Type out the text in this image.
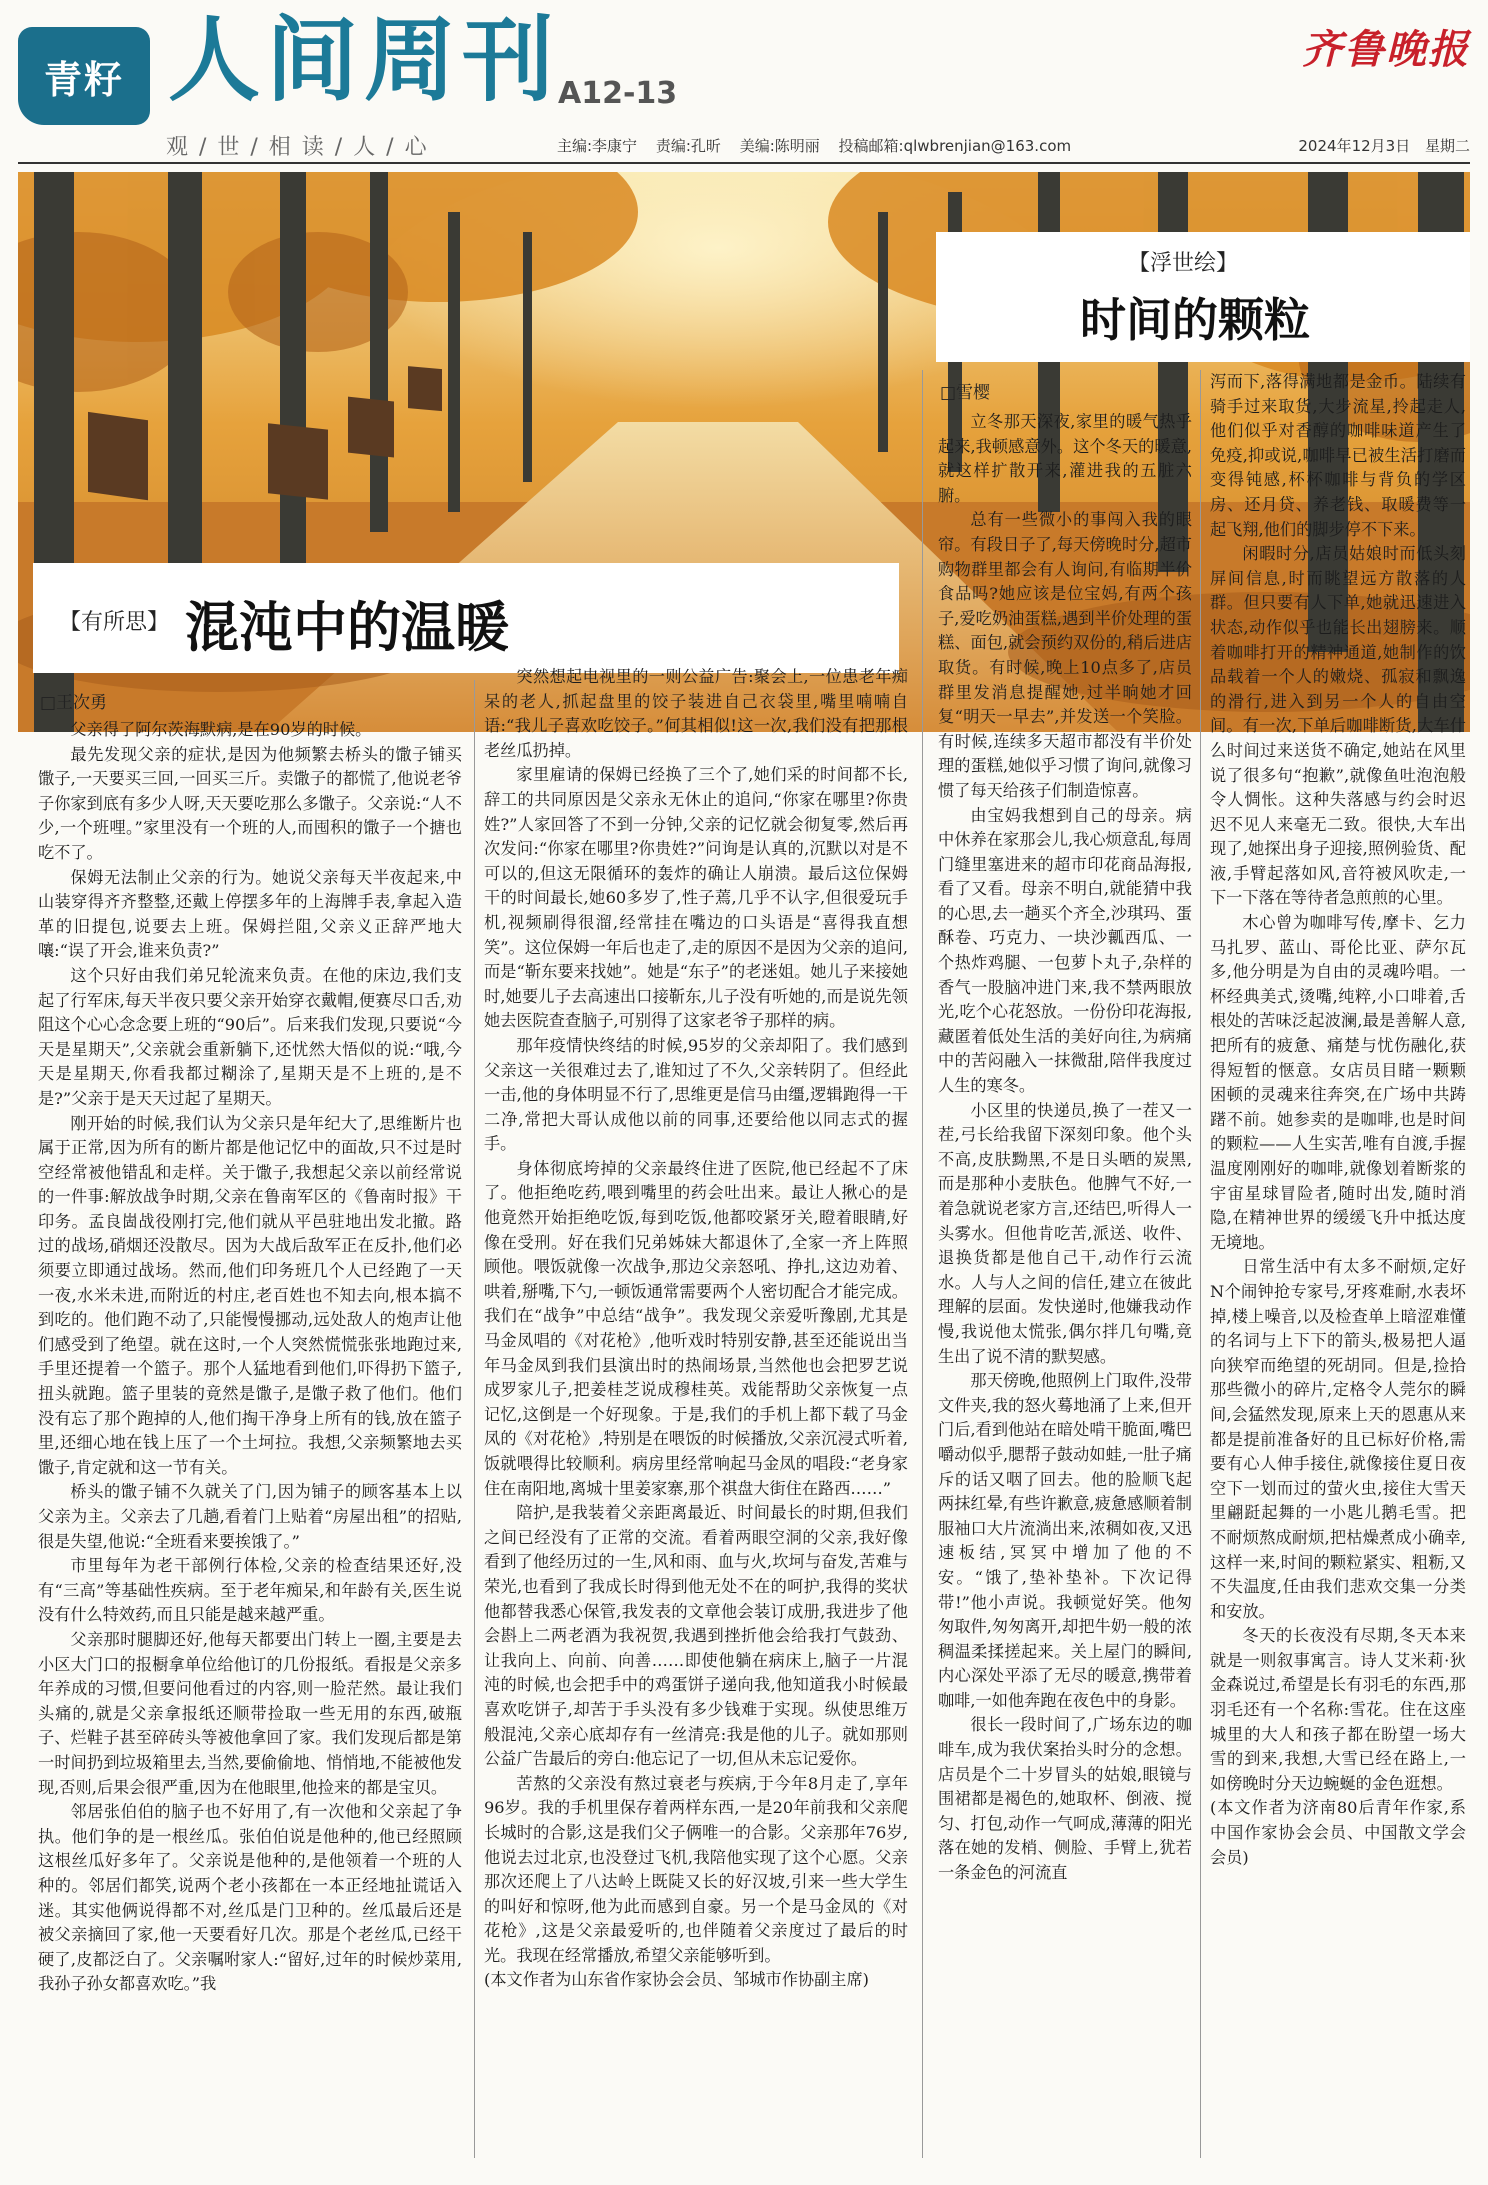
青籽 人间周刊
A12-13
观 / 世 / 相 读 / 人 / 心	主编:李康宁 责编:孔昕 美编:陈明丽 投稿邮箱:qlwbrenjian@163.com	2024年12月3日 星期二
齐鲁晚报
【有所思】 混沌中的温暖
□王次勇

父亲得了阿尔茨海默病,是在90岁的时候。

最先发现父亲的症状,是因为他频繁去桥头的馓子铺买馓子,一天要买三回,一回买三斤。卖馓子的都慌了,他说老爷子你家到底有多少人呀,天天要吃那么多馓子。父亲说:“人不少,一个班哩。”家里没有一个班的人,而囤积的馓子一个搪也吃不了。

保姆无法制止父亲的行为。她说父亲每天半夜起来,中山装穿得齐齐整整,还戴上停摆多年的上海牌手表,拿起入造革的旧提包,说要去上班。保姆拦阻,父亲义正辞严地大嚷:“误了开会,谁来负责?”

这个只好由我们弟兄轮流来负责。在他的床边,我们支起了行军床,每天半夜只要父亲开始穿衣戴帽,便赛尽口舌,劝阻这个心心念念要上班的“90后”。后来我们发现,只要说“今天是星期天”,父亲就会重新躺下,还忧然大悟似的说:“哦,今天是星期天,你看我都过糊涂了,星期天是不上班的,是不是?”父亲于是天天过起了星期天。

刚开始的时候,我们认为父亲只是年纪大了,思维断片也属于正常,因为所有的断片都是他记忆中的面故,只不过是时空经常被他错乱和走样。关于馓子,我想起父亲以前经常说的一件事:解放战争时期,父亲在鲁南军区的《鲁南时报》干印务。孟良崮战役刚打完,他们就从平邑驻地出发北撤。路过的战场,硝烟还没散尽。因为大战后敌军正在反扑,他们必须要立即通过战场。然而,他们印务班几个人已经跑了一天一夜,水米未进,而附近的村庄,老百姓也不知去向,根本搞不到吃的。他们跑不动了,只能慢慢挪动,远处敌人的炮声让他们感受到了绝望。就在这时,一个人突然慌慌张张地跑过来,手里还提着一个篮子。那个人猛地看到他们,吓得扔下篮子,扭头就跑。篮子里装的竟然是馓子,是馓子救了他们。他们没有忘了那个跑掉的人,他们掏干净身上所有的钱,放在篮子里,还细心地在钱上压了一个土坷拉。我想,父亲频繁地去买馓子,肯定就和这一节有关。

桥头的馓子铺不久就关了门,因为铺子的顾客基本上以父亲为主。父亲去了几趟,看着门上贴着“房屋出租”的招贴,很是失望,他说:“全班看来要挨饿了。”

市里每年为老干部例行体检,父亲的检查结果还好,没有“三高”等基础性疾病。至于老年痴呆,和年龄有关,医生说没有什么特效药,而且只能是越来越严重。

父亲那时腿脚还好,他每天都要出门转上一圈,主要是去小区大门口的报橱拿单位给他订的几份报纸。看报是父亲多年养成的习惯,但要问他看过的内容,则一脸茫然。最让我们头痛的,就是父亲拿报纸还顺带捡取一些无用的东西,破瓶子、烂鞋子甚至碎砖头等被他拿回了家。我们发现后都是第一时间扔到垃圾箱里去,当然,要偷偷地、悄悄地,不能被他发现,否则,后果会很严重,因为在他眼里,他捡来的都是宝贝。

邻居张伯伯的脑子也不好用了,有一次他和父亲起了争执。他们争的是一根丝瓜。张伯伯说是他种的,他已经照顾这根丝瓜好多年了。父亲说是他种的,是他领着一个班的人种的。邻居们都笑,说两个老小孩都在一本正经地扯谎话入迷。其实他俩说得都不对,丝瓜是门卫种的。丝瓜最后还是被父亲摘回了家,他一天要看好几次。那是个老丝瓜,已经干硬了,皮都泛白了。父亲嘱咐家人:“留好,过年的时候炒菜用,我孙子孙女都喜欢吃。”我

突然想起电视里的一则公益广告:聚会上,一位患老年痴呆的老人,抓起盘里的饺子装进自己衣袋里,嘴里喃喃自语:“我儿子喜欢吃饺子。”何其相似!这一次,我们没有把那根老丝瓜扔掉。

家里雇请的保姆已经换了三个了,她们采的时间都不长,辞工的共同原因是父亲永无休止的追问,“你家在哪里?你贵姓?”人家回答了不到一分钟,父亲的记忆就会彻复零,然后再次发问:“你家在哪里?你贵姓?”问询是认真的,沉默以对是不可以的,但这无限循环的轰炸的确让人崩溃。最后这位保姆干的时间最长,她60多岁了,性子蔫,几乎不认字,但很爱玩手机,视频刷得很溜,经常挂在嘴边的口头语是“喜得我直想笑”。这位保姆一年后也走了,走的原因不是因为父亲的追问,而是“靳东要来找她”。她是“东子”的老迷姐。她儿子来接她时,她要儿子去高速出口接靳东,儿子没有听她的,而是说先领她去医院查查脑子,可别得了这家老爷子那样的病。

那年疫情快终结的时候,95岁的父亲却阳了。我们感到父亲这一关很难过去了,谁知过了不久,父亲转阴了。但经此一击,他的身体明显不行了,思维更是信马由缰,逻辑跑得一干二净,常把大哥认成他以前的同事,还要给他以同志式的握手。

身体彻底垮掉的父亲最终住进了医院,他已经起不了床了。他拒绝吃药,喂到嘴里的药会吐出来。最让人揪心的是他竟然开始拒绝吃饭,每到吃饭,他都咬紧牙关,瞪着眼睛,好像在受刑。好在我们兄弟姊妹大都退休了,全家一齐上阵照顾他。喂饭就像一次战争,那边父亲怒吼、挣扎,这边劝着、哄着,掰嘴,下勺,一顿饭通常需要两个人密切配合才能完成。我们在“战争”中总结“战争”。我发现父亲爱听豫剧,尤其是马金凤唱的《对花枪》,他听戏时特别安静,甚至还能说出当年马金凤到我们县演出时的热闹场景,当然他也会把罗艺说成罗家儿子,把姜桂芝说成穆桂英。戏能帮助父亲恢复一点记忆,这倒是一个好现象。于是,我们的手机上都下载了马金凤的《对花枪》,特别是在喂饭的时候播放,父亲沉浸式听着,饭就喂得比较顺利。病房里经常响起马金凤的唱段:“老身家住在南阳地,离城十里姜家寨,那个祺盘大街住在路西……”

陪护,是我装着父亲距离最近、时间最长的时期,但我们之间已经没有了正常的交流。看着两眼空洞的父亲,我好像看到了他经历过的一生,风和雨、血与火,坎坷与奋发,苦难与荣光,也看到了我成长时得到他无处不在的呵护,我得的奖状他都替我悉心保管,我发表的文章他会装订成册,我进步了他会斟上二两老酒为我祝贺,我遇到挫折他会给我打气鼓劲、让我向上、向前、向善……即使他躺在病床上,脑子一片混沌的时候,也会把手中的鸡蛋饼子递向我,他知道我小时候最喜欢吃饼子,却苦于手头没有多少钱难于实现。纵使思维万般混沌,父亲心底却存有一丝清亮:我是他的儿子。就如那则公益广告最后的旁白:他忘记了一切,但从未忘记爱你。

苦熬的父亲没有熬过衰老与疾病,于今年8月走了,享年96岁。我的手机里保存着两样东西,一是20年前我和父亲爬长城时的合影,这是我们父子俩唯一的合影。父亲那年76岁,他说去过北京,也没登过飞机,我陪他实现了这个心愿。父亲那次还爬上了八达岭上既陡又长的好汉坡,引来一些大学生的叫好和惊呀,他为此而感到自豪。另一个是马金凤的《对花枪》,这是父亲最爱听的,也伴随着父亲度过了最后的时光。我现在经常播放,希望父亲能够听到。

(本文作者为山东省作家协会会员、邹城市作协副主席)

【浮世绘】
时间的颗粒
□雪樱

立冬那天深夜,家里的暖气热乎起来,我顿感意外。这个冬天的暖意,就这样扩散开来,灌进我的五脏六腑。

总有一些微小的事闯入我的眼帘。有段日子了,每天傍晚时分,超市购物群里都会有人询问,有临期半价食品吗?她应该是位宝妈,有两个孩子,爱吃奶油蛋糕,遇到半价处理的蛋糕、面包,就会预约双份的,稍后进店取货。有时候,晚上10点多了,店员群里发消息提醒她,过半晌她才回复“明天一早去”,并发送一个笑脸。有时候,连续多天超市都没有半价处理的蛋糕,她似乎习惯了询问,就像习惯了每天给孩子们制造惊喜。

由宝妈我想到自己的母亲。病中休养在家那会儿,我心烦意乱,每周门缝里塞进来的超市印花商品海报,看了又看。母亲不明白,就能猜中我的心思,去一趟买个齐全,沙琪玛、蛋酥卷、巧克力、一块沙瓤西瓜、一个热炸鸡腿、一包萝卜丸子,杂样的香气一股脑冲进门来,我不禁两眼放光,吃个心花怒放。一份份印花海报,藏匿着低处生活的美好向往,为病痛中的苦闷融入一抹微甜,陪伴我度过人生的寒冬。

小区里的快递员,换了一茬又一茬,弓长给我留下深刻印象。他个头不高,皮肤黝黑,不是日头晒的炭黑,而是那种小麦肤色。他脾气不好,一着急就说老家方言,还结巴,听得人一头雾水。但他肯吃苦,派送、收件、退换货都是他自己干,动作行云流水。人与人之间的信任,建立在彼此理解的层面。发快递时,他嫌我动作慢,我说他太慌张,偶尔拌几句嘴,竟生出了说不清的默契感。

那天傍晚,他照例上门取件,没带文件夹,我的怒火蓦地涌了上来,但开门后,看到他站在暗处啃干脆面,嘴巴嚼动似乎,腮帮子鼓动如蛙,一肚子痛斥的话又咽了回去。他的脸顺飞起两抹红晕,有些许歉意,疲惫感顺着制服袖口大片流淌出来,浓稠如夜,又迅速板结,冥冥中增加了他的不安。“饿了,垫补垫补。下次记得带!”他小声说。我顿觉好笑。他匆匆取件,匆匆离开,却把牛奶一般的浓稠温柔揉搓起来。关上屋门的瞬间,内心深处平添了无尽的暖意,携带着咖啡,一如他奔跑在夜色中的身影。

很长一段时间了,广场东边的咖啡车,成为我伏案抬头时分的念想。店员是个二十岁冒头的姑娘,眼镜与围裙都是褐色的,她取杯、倒液、搅匀、打包,动作一气呵成,薄薄的阳光落在她的发梢、侧脸、手臂上,犹若一条金色的河流直

泻而下,落得满地都是金币。陆续有骑手过来取货,大步流星,拎起走人,他们似乎对香醇的咖啡味道产生了免疫,抑或说,咖啡早已被生活打磨而变得钝感,杯杯咖啡与背负的学区房、还月贷、养老钱、取暖费等一起飞翔,他们的脚步停不下来。

闲暇时分,店员姑娘时而低头刻屏间信息,时而眺望远方散落的人群。但只要有人下单,她就迅速进入状态,动作似乎也能长出翅膀来。顺着咖啡打开的精神通道,她制作的饮品载着一个人的嫩烧、孤寂和飘逸的滑行,进入到另一个人的自由空间。有一次,下单后咖啡断货,大车什么时间过来送货不确定,她站在风里说了很多句“抱歉”,就像鱼吐泡泡般令人惆怅。这种失落感与约会时迟迟不见人来毫无二致。很快,大车出现了,她探出身子迎接,照例验货、配液,手臂起落如风,音符被风吹走,一下一下落在等待者急煎煎的心里。

木心曾为咖啡写传,摩卡、乞力马扎罗、蓝山、哥伦比亚、萨尔瓦多,他分明是为自由的灵魂吟唱。一杯经典美式,烫嘴,纯粹,小口啡着,舌根处的苦味泛起波澜,最是善解人意,把所有的疲惫、痛楚与忧伤融化,获得短暂的惬意。女店员目睹一颗颗困顿的灵魂来往奔突,在广场中共踌躇不前。她参卖的是咖啡,也是时间的颗粒——人生实苦,唯有自渡,手握温度刚刚好的咖啡,就像划着断浆的宇宙星球冒险者,随时出发,随时消隐,在精神世界的缓缓飞升中抵达度无境地。

日常生活中有太多不耐烦,定好N个闹钟抢专家号,牙疼难耐,水表坏掉,楼上噪音,以及检查单上暗涩难懂的名词与上下下的箭头,极易把人逼向狭窄而绝望的死胡同。但是,捡拾那些微小的碎片,定格令人莞尔的瞬间,会猛然发现,原来上天的恩惠从来都是提前准备好的且已标好价格,需要有心人伸手接住,就像接住夏日夜空下一划而过的萤火虫,接住大雪天里翩跹起舞的一小匙儿鹅毛雪。把不耐烦熬成耐烦,把枯燥煮成小确幸,这样一来,时间的颗粒紧实、粗粝,又不失温度,任由我们悲欢交集一分类和安放。

冬天的长夜没有尽期,冬天本来就是一则叙事寓言。诗人艾米莉·狄金森说过,希望是长有羽毛的东西,那羽毛还有一个名称:雪花。住在这座城里的大人和孩子都在盼望一场大雪的到来,我想,大雪已经在路上,一如傍晚时分天边蜿蜒的金色逛想。

(本文作者为济南80后青年作家,系中国作家协会会员、中国散文学会会员)
